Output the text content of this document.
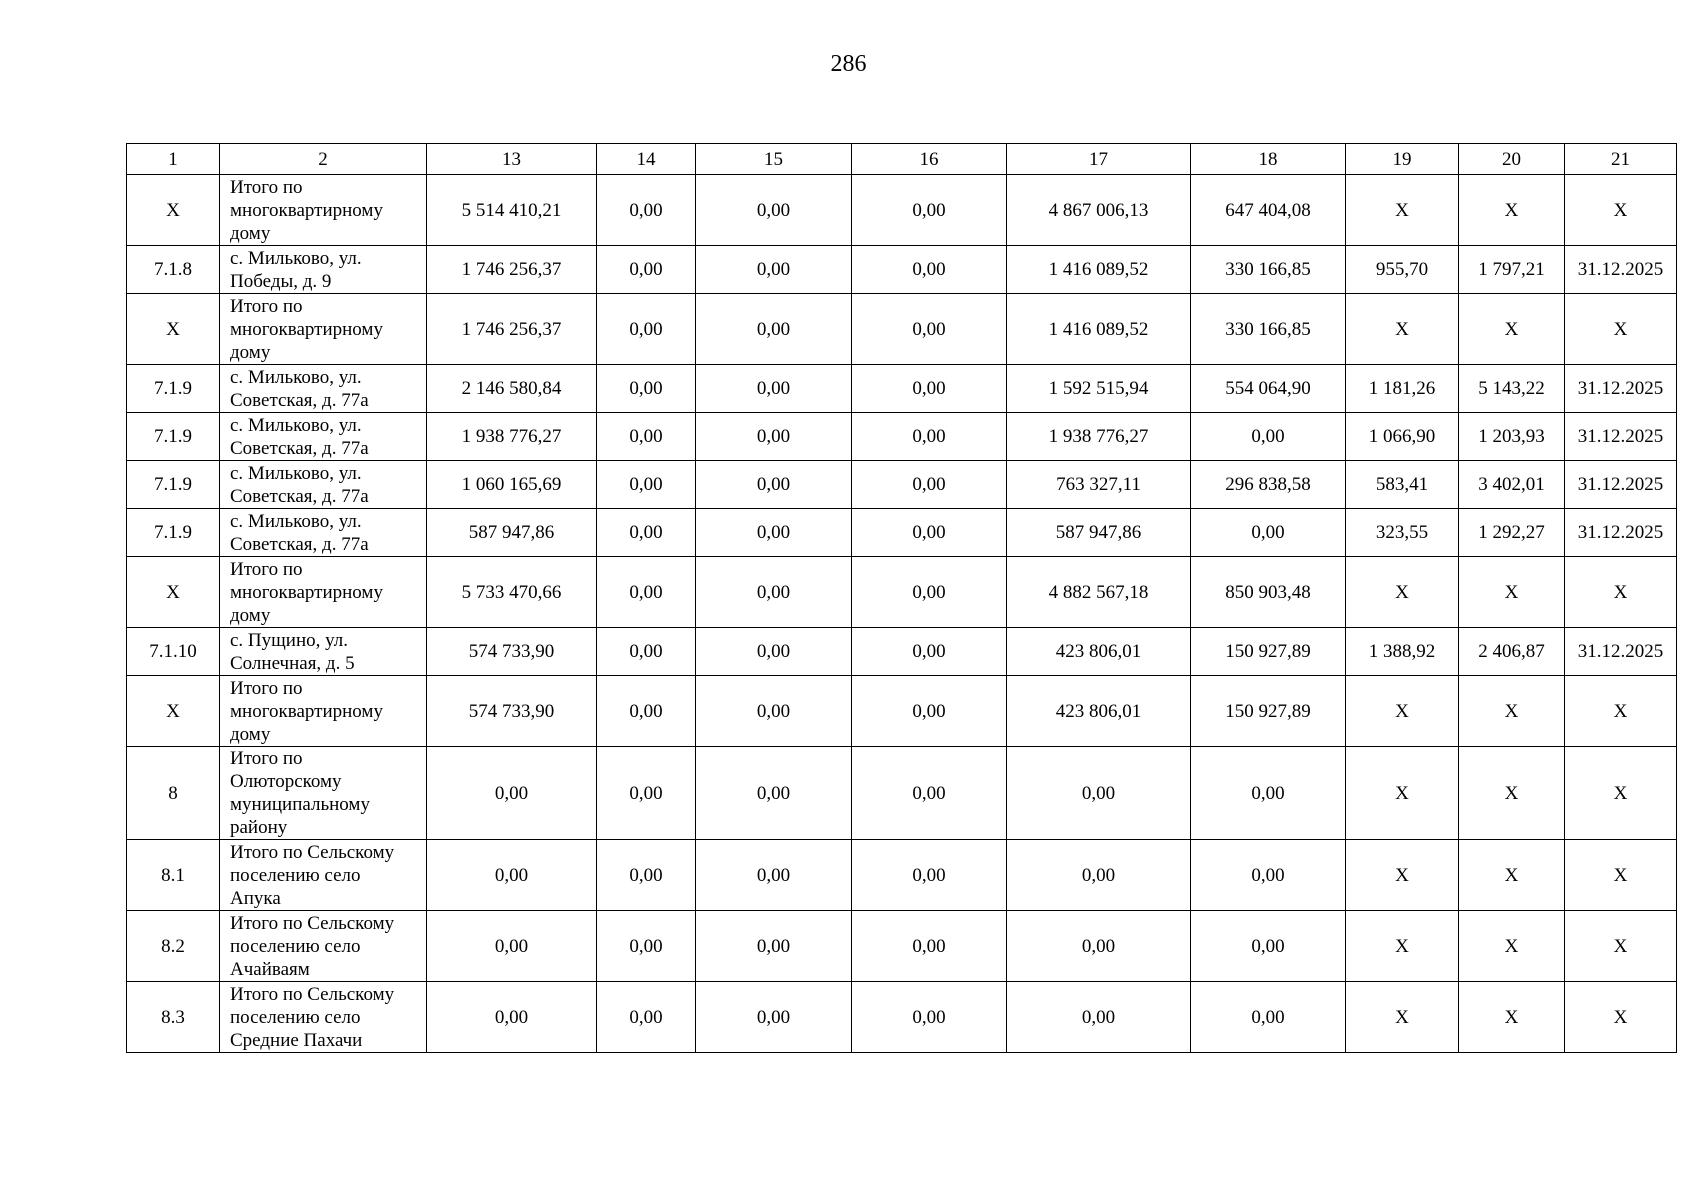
286
1	2	13	14	15	16	17	18	19	20	21
X	Итого по
многоквартирному
дому	5 514 410,21	0,00	0,00	0,00	4 867 006,13	647 404,08	X	X	X
7.1.8	с. Мильково, ул.
Победы, д. 9	1 746 256,37	0,00	0,00	0,00	1 416 089,52	330 166,85	955,70	1 797,21	31.12.2025
X	Итого по
многоквартирному
дому	1 746 256,37	0,00	0,00	0,00	1 416 089,52	330 166,85	X	X	X
7.1.9	с. Мильково, ул.
Советская, д. 77а	2 146 580,84	0,00	0,00	0,00	1 592 515,94	554 064,90	1 181,26	5 143,22	31.12.2025
7.1.9	с. Мильково, ул.
Советская, д. 77а	1 938 776,27	0,00	0,00	0,00	1 938 776,27	0,00	1 066,90	1 203,93	31.12.2025
7.1.9	с. Мильково, ул.
Советская, д. 77а	1 060 165,69	0,00	0,00	0,00	763 327,11	296 838,58	583,41	3 402,01	31.12.2025
7.1.9	с. Мильково, ул.
Советская, д. 77а	587 947,86	0,00	0,00	0,00	587 947,86	0,00	323,55	1 292,27	31.12.2025
X	Итого по
многоквартирному
дому	5 733 470,66	0,00	0,00	0,00	4 882 567,18	850 903,48	X	X	X
7.1.10	с. Пущино, ул.
Солнечная, д. 5	574 733,90	0,00	0,00	0,00	423 806,01	150 927,89	1 388,92	2 406,87	31.12.2025
X	Итого по
многоквартирному
дому	574 733,90	0,00	0,00	0,00	423 806,01	150 927,89	X	X	X
8	Итого по
Олюторскому
муниципальному
району	0,00	0,00	0,00	0,00	0,00	0,00	X	X	X
8.1	Итого по Сельскому
поселению село
Апука	0,00	0,00	0,00	0,00	0,00	0,00	X	X	X
8.2	Итого по Сельскому
поселению село
Ачайваям	0,00	0,00	0,00	0,00	0,00	0,00	X	X	X
8.3	Итого по Сельскому
поселению село
Средние Пахачи	0,00	0,00	0,00	0,00	0,00	0,00	X	X	X
